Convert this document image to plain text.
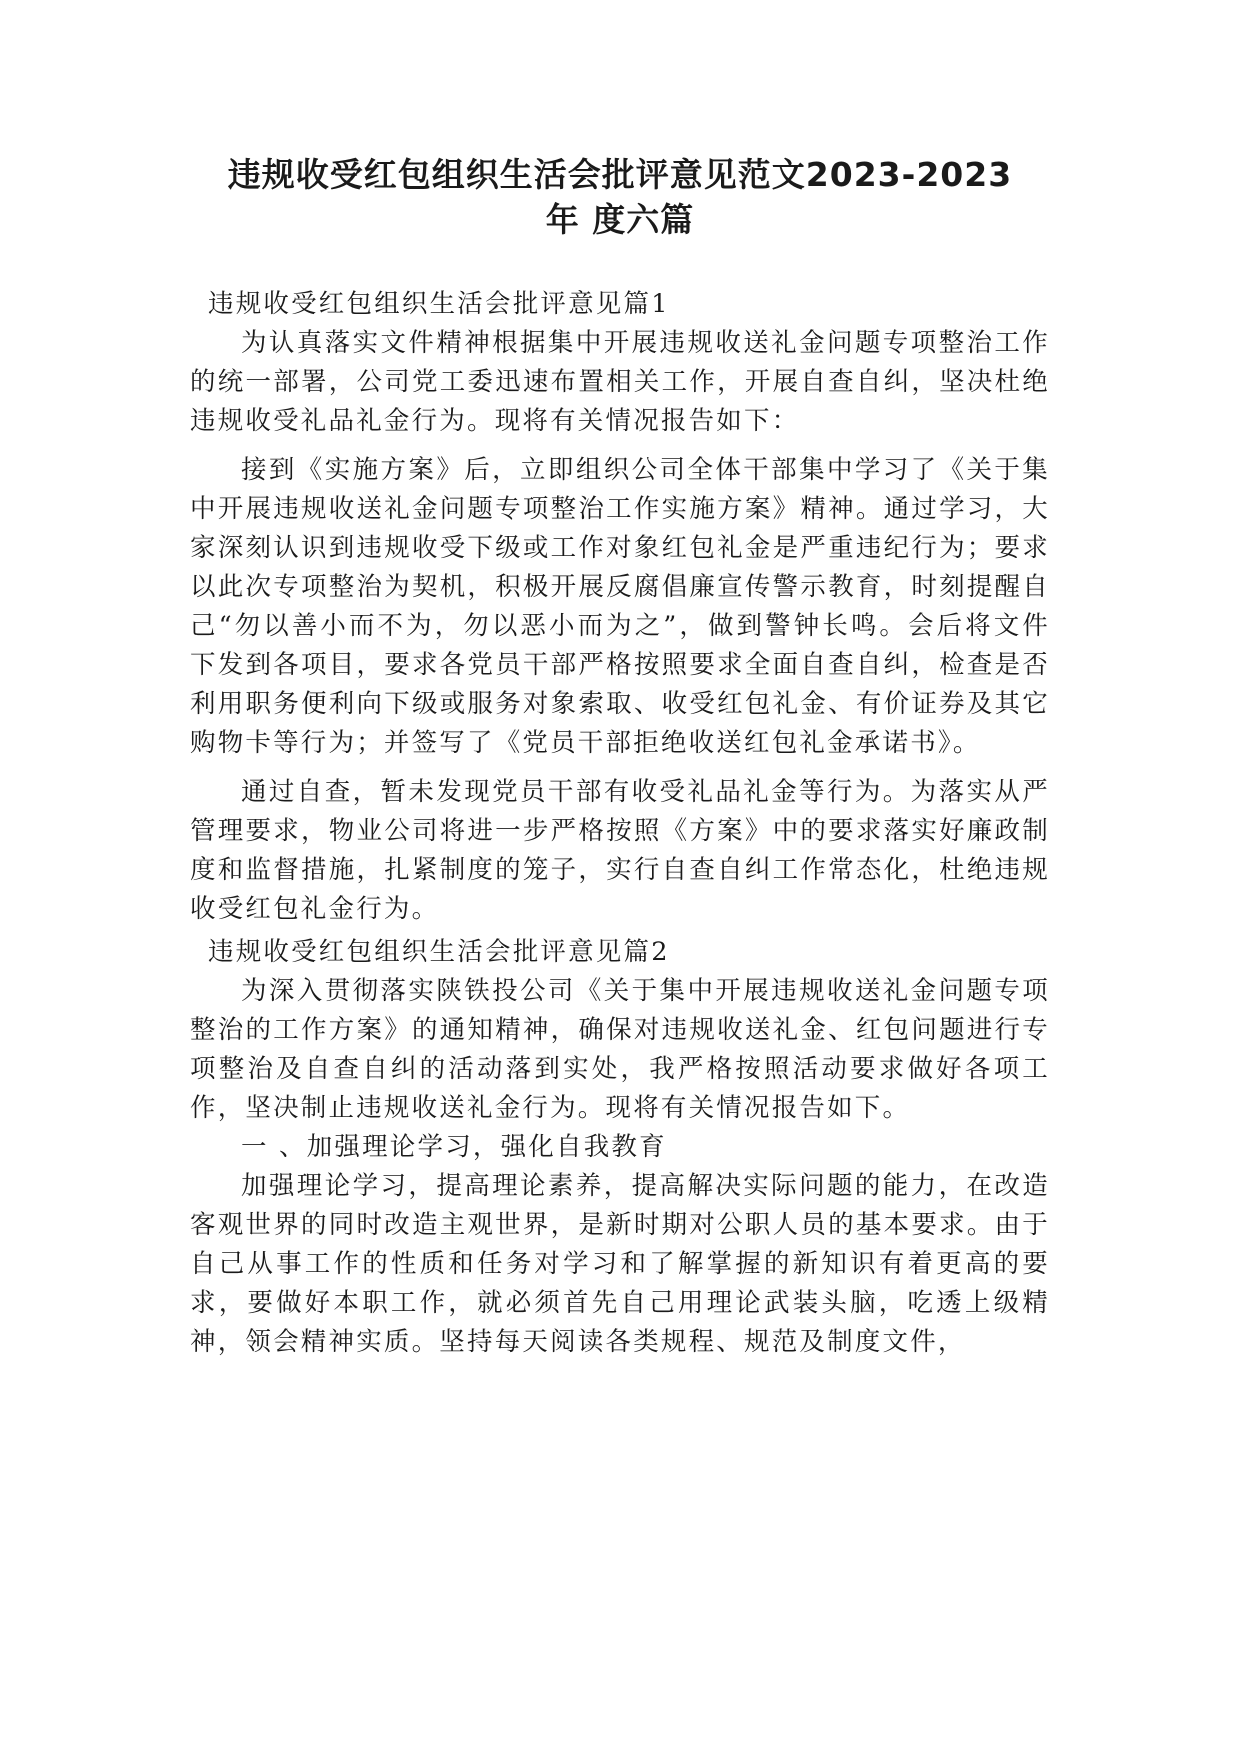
违规收受红包组织生活会批评意见范文2023-2023
年 度六篇

违规收受红包组织生活会批评意见篇1

为认真落实文件精神根据集中开展违规收送礼金问题专项整治工作的统一部署，公司党工委迅速布置相关工作，开展自查自纠，坚决杜绝违规收受礼品礼金行为。现将有关情况报告如下：

接到《实施方案》后，立即组织公司全体干部集中学习了《关于集中开展违规收送礼金问题专项整治工作实施方案》精神。通过学习，大家深刻认识到违规收受下级或工作对象红包礼金是严重违纪行为；要求以此次专项整治为契机，积极开展反腐倡廉宣传警示教育，时刻提醒自己“勿以善小而不为，勿以恶小而为之”，做到警钟长鸣。会后将文件下发到各项目，要求各党员干部严格按照要求全面自查自纠，检查是否利用职务便利向下级或服务对象索取、收受红包礼金、有价证券及其它购物卡等行为；并签写了《党员干部拒绝收送红包礼金承诺书》。

通过自查，暂未发现党员干部有收受礼品礼金等行为。为落实从严管理要求，物业公司将进一步严格按照《方案》中的要求落实好廉政制度和监督措施，扎紧制度的笼子，实行自查自纠工作常态化，杜绝违规收受红包礼金行为。

违规收受红包组织生活会批评意见篇2

为深入贯彻落实陕铁投公司《关于集中开展违规收送礼金问题专项整治的工作方案》的通知精神，确保对违规收送礼金、红包问题进行专项整治及自查自纠的活动落到实处，我严格按照活动要求做好各项工作，坚决制止违规收送礼金行为。现将有关情况报告如下。

一 、加强理论学习，强化自我教育

加强理论学习，提高理论素养，提高解决实际问题的能力，在改造客观世界的同时改造主观世界，是新时期对公职人员的基本要求。由于自己从事工作的性质和任务对学习和了解掌握的新知识有着更高的要求，要做好本职工作，就必须首先自己用理论武装头脑，吃透上级精神，领会精神实质。坚持每天阅读各类规程、规范及制度文件，
